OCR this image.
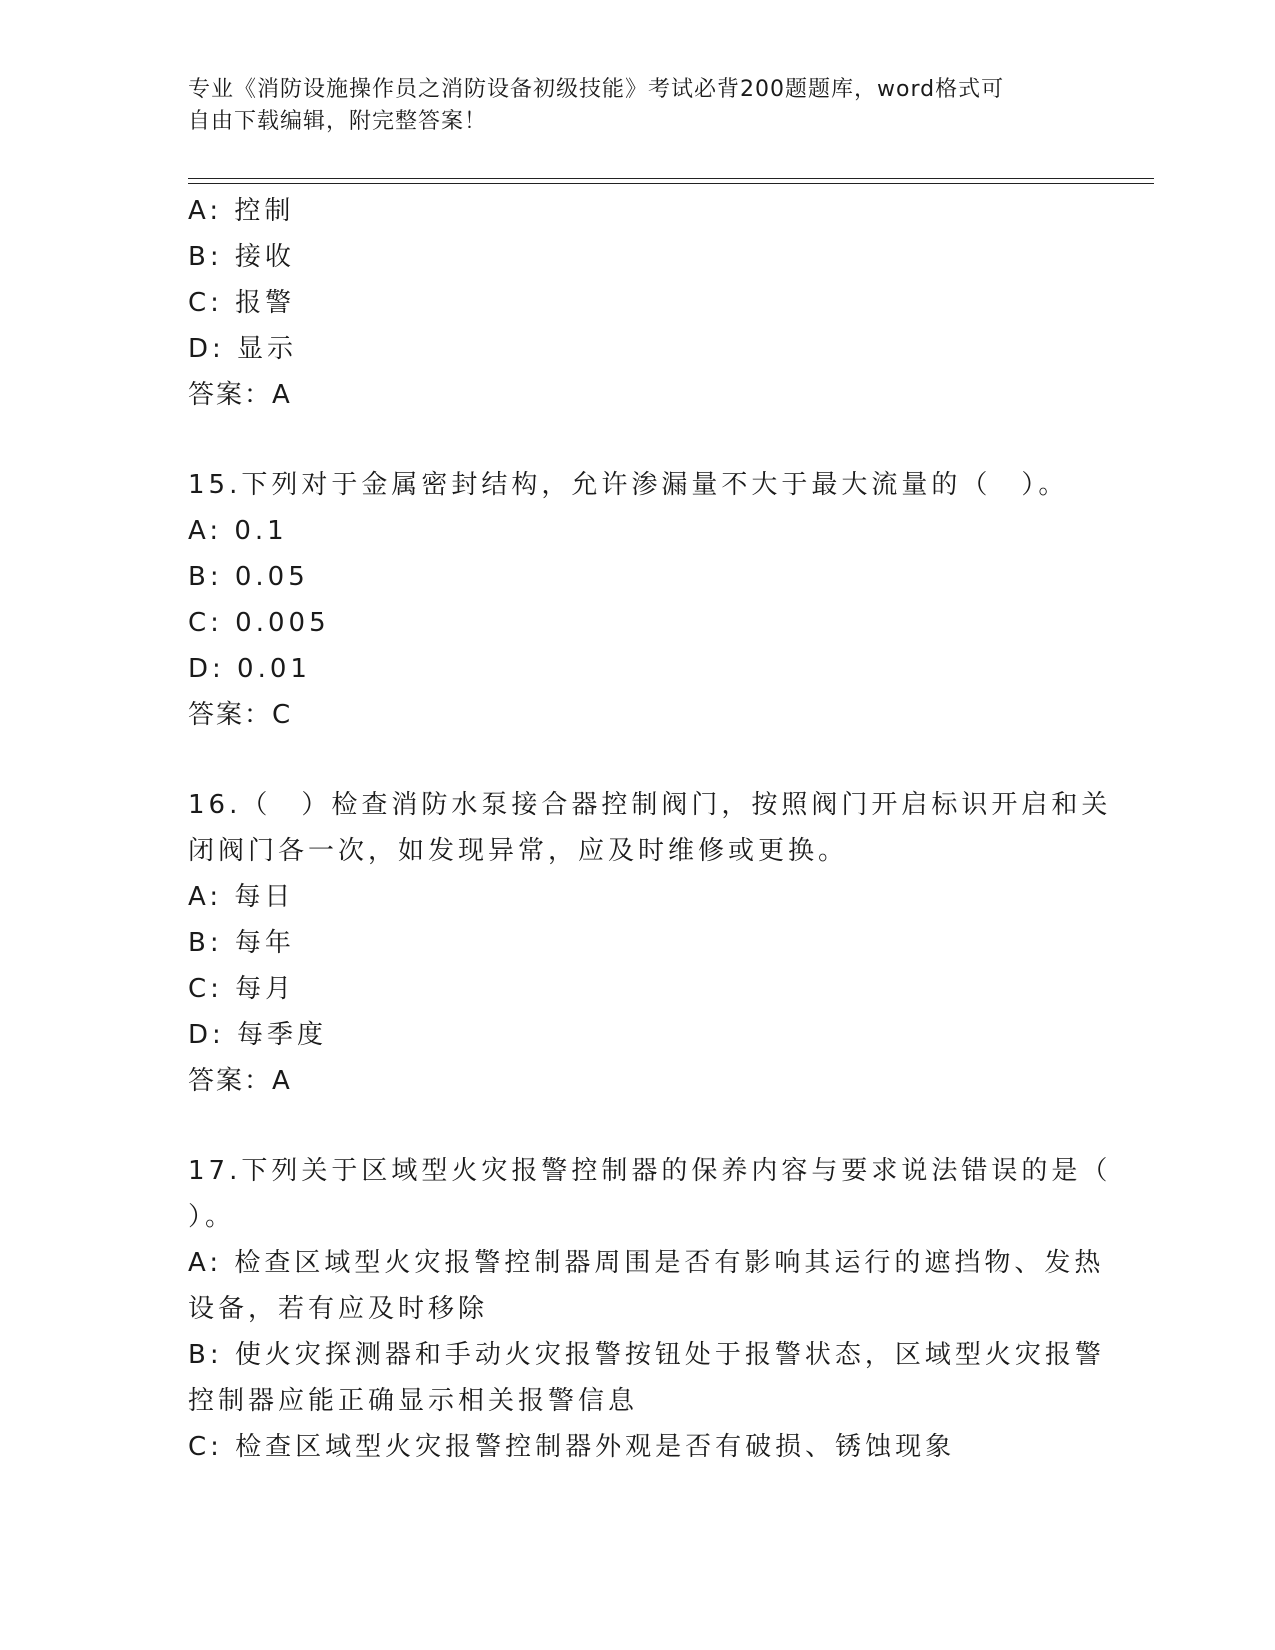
专业《消防设施操作员之消防设备初级技能》考试必背200题题库，word格式可
自由下载编辑，附完整答案！
A: 控制
B: 接收
C: 报警
D: 显示
答案：A
15.下列对于金属密封结构，允许渗漏量不大于最大流量的（　）。
A: 0.1
B: 0.05
C: 0.005
D: 0.01
答案：C
16.（　）检查消防水泵接合器控制阀门，按照阀门开启标识开启和关
闭阀门各一次，如发现异常，应及时维修或更换。
A: 每日
B: 每年
C: 每月
D: 每季度
答案：A
17.下列关于区域型火灾报警控制器的保养内容与要求说法错误的是（
）。
A: 检查区域型火灾报警控制器周围是否有影响其运行的遮挡物、发热
设备，若有应及时移除
B: 使火灾探测器和手动火灾报警按钮处于报警状态，区域型火灾报警
控制器应能正确显示相关报警信息
C: 检查区域型火灾报警控制器外观是否有破损、锈蚀现象
